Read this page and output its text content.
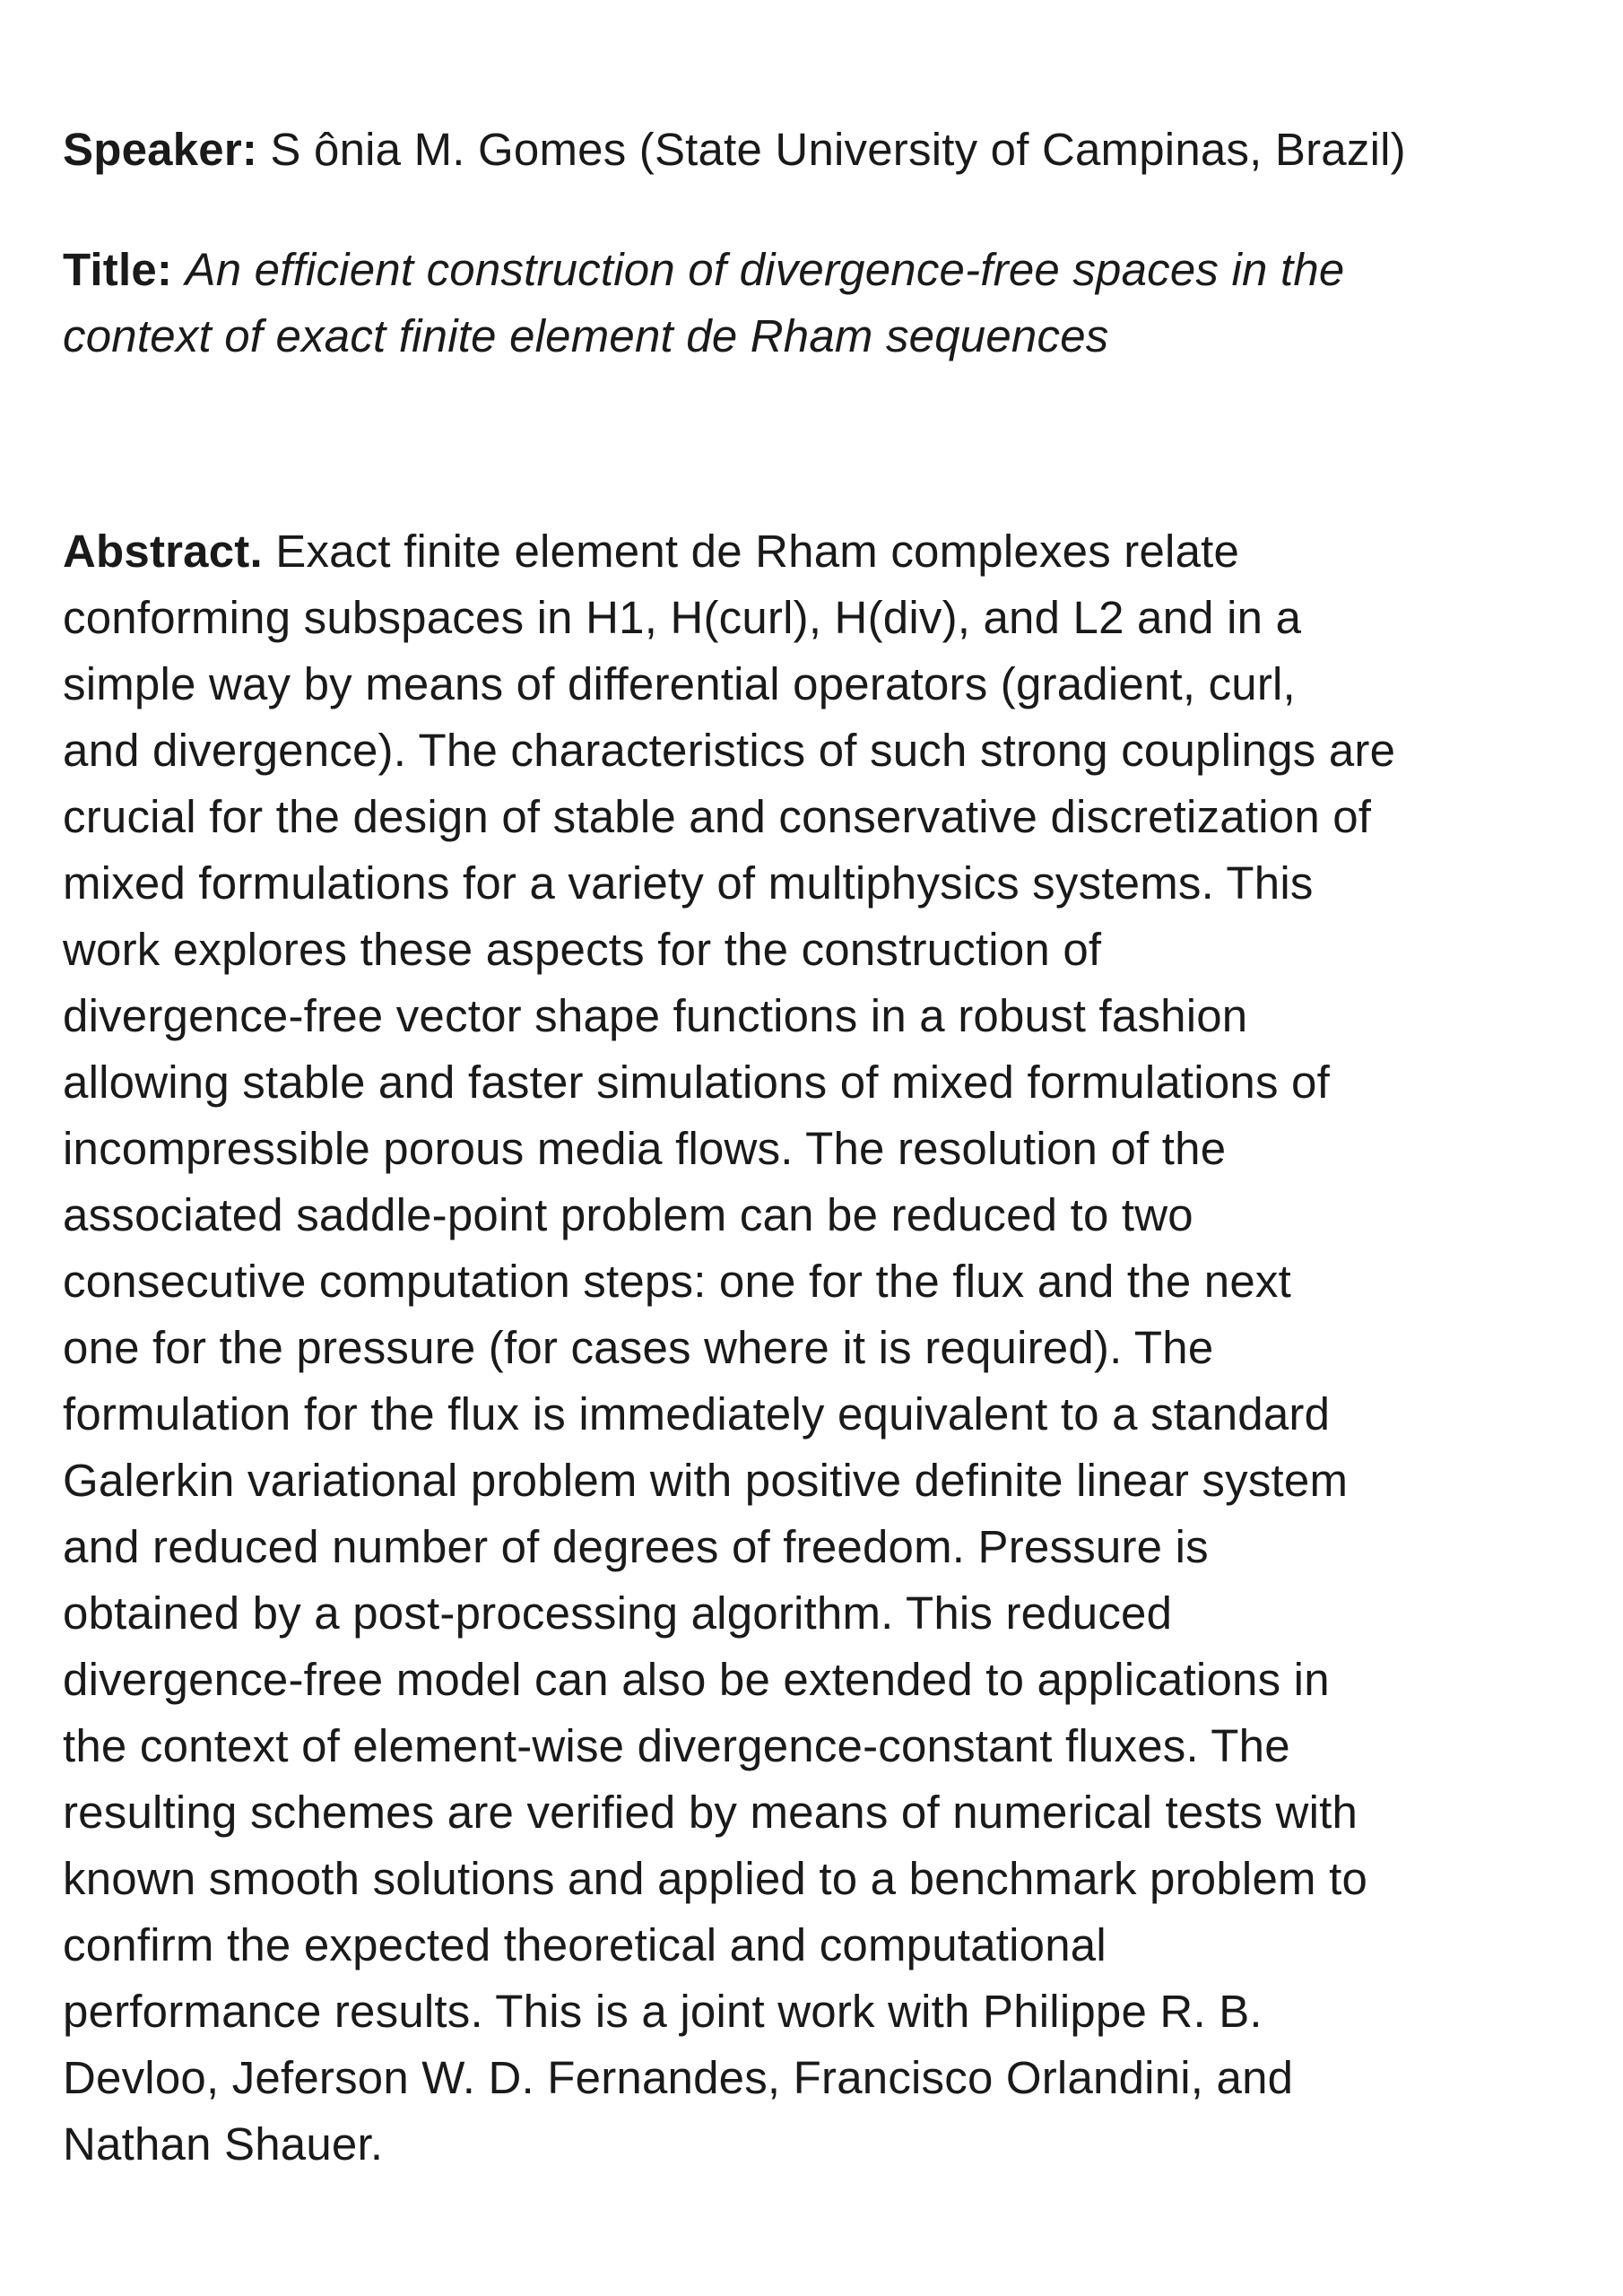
Speaker: S ônia M. Gomes (State University of Campinas, Brazil)

Title: An efficient construction of divergence-free spaces in the
context of exact finite element de Rham sequences
Abstract. Exact finite element de Rham complexes relate
conforming subspaces in H1, H(curl), H(div), and L2 and in a
simple way by means of differential operators (gradient, curl,
and divergence). The characteristics of such strong couplings are
crucial for the design of stable and conservative discretization of
mixed formulations for a variety of multiphysics systems. This
work explores these aspects for the construction of
divergence-free vector shape functions in a robust fashion
allowing stable and faster simulations of mixed formulations of
incompressible porous media flows. The resolution of the
associated saddle-point problem can be reduced to two
consecutive computation steps: one for the flux and the next
one for the pressure (for cases where it is required). The
formulation for the flux is immediately equivalent to a standard
Galerkin variational problem with positive definite linear system
and reduced number of degrees of freedom. Pressure is
obtained by a post-processing algorithm. This reduced
divergence-free model can also be extended to applications in
the context of element-wise divergence-constant fluxes. The
resulting schemes are verified by means of numerical tests with
known smooth solutions and applied to a benchmark problem to
confirm the expected theoretical and computational
performance results. This is a joint work with Philippe R. B.
Devloo, Jeferson W. D. Fernandes, Francisco Orlandini, and
Nathan Shauer.
